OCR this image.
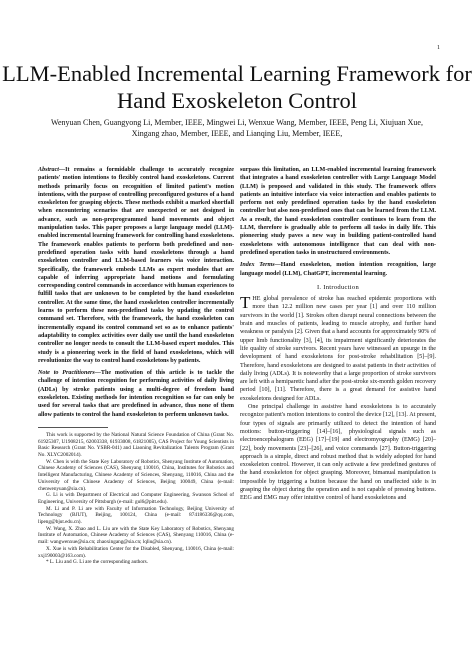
1
LLM-Enabled Incremental Learning Framework for Hand Exoskeleton Control
Wenyuan Chen, Guangyong Li, Member, IEEE, Mingwei Li, Wenxue Wang, Member, IEEE, Peng Li, Xiujuan Xue, Xingang zhao, Member, IEEE, and Lianqing Liu, Member, IEEE,
Abstract—It remains a formidable challenge to accurately recognize patients' motion intentions to flexibly control hand exoskeletons. Current methods primarily focus on recognition of limited patient's motion intentions, with the purpose of controlling preconfigured gestures of a hand exoskeleton for grasping objects. These methods exhibit a marked shortfall when encountering scenarios that are unexpected or not designed in advance, such as non-preprogrammed hand movements and object manipulation tasks. This paper proposes a large language model (LLM)-enabled incremental learning framework for controlling hand exoskeletons. The framework enables patients to perform both predefined and non-predefined operation tasks with hand exoskeletons through a hand exoskeleton controller and LLM-based learners via voice interaction. Specifically, the framework embeds LLMs as expert modules that are capable of inferring appropriate hand motions and formulating corresponding control commands in accordance with human experiences to fulfill tasks that are unknown to be completed by the hand exoskeleton controller. At the same time, the hand exoskeleton controller incrementally learns to perform these non-predefined tasks by updating the control command set. Therefore, with the framework, the hand exoskeleton can incrementally expand its control command set so as to enhance patients' adaptability to complex activities over daily use until the hand exoskeleton controller no longer needs to consult the LLM-based expert modules. This study is a pioneering work in the field of hand exoskeletons, which will revolutionize the way to control hand exoskeletons by patients.
Note to Practitioners—The motivation of this article is to tackle the challenge of intention recognition for performing activities of daily living (ADLs) by stroke patients using a multi-degree of freedom hand exoskeleton. Existing methods for intention recognition so far can only be used for several tasks that are predefined in advance, thus none of them allow patients to control the hand exoskeleton to perform unknown tasks.

This work is supported by the National Natural Science Foundation of China (Grant No. 61925307, U1908215, 62003338, 61933008, 61821005), CAS Project for Young Scientists in Basic Research (Grant No. YSBR-041) and Liaoning Revitalization Talents Program (Grant No. XLYC2002014).

W. Chen is with the State Key Laboratory of Robotics, Shenyang Institute of Automation, Chinese Academy of Sciences (CAS), Shenyang 110016, China, Institutes for Robotics and Intelligent Manufacturing, Chinese Academy of Sciences, Shenyang, 110016, China and the University of the Chinese Academy of Sciences, Beijing 100049, China (e-mail: chenwenyuan@sia.cn).

G. Li is with Department of Electrical and Computer Engineering, Swanson School of Engineering, University of Pittsburgh (e-mail: gul6@pitt.edu).

M. Li and P. Li are with Faculty of Information Technology, Beijing University of Technology (BJUT), Beijing, 100124, China (e-mail: 874186336@qq.com, lipeng@bjut.edu.cn).

W. Wang, X. Zhao and L. Liu are with the State Key Laboratory of Robotics, Shenyang Institute of Automation, Chinese Academy of Sciences (CAS), Shenyang 110016, China (e-mail: wangwenxue@sia.cn; zhaoxingang@sia.cn; lqliu@sia.cn).

X. Xue is with Rehabilitation Center for the Disabled, Shenyang, 110016, China (e-mail: xxj190003@163.com).

* L. Liu and G. Li are the corresponding authors.

surpass this limitation, an LLM-enabled incremental learning framework that integrates a hand exoskeleton controller with Large Language Model (LLM) is proposed and validated in this study. The framework offers patients an intuitive interface via voice interaction and enables patients to perform not only predefined operation tasks by the hand exoskeleton controller but also non-predefined ones that can be learned from the LLM. As a result, the hand exoskeleton controller continues to learn from the LLM, therefore is gradually able to perform all tasks in daily life. This pioneering study paves a new way in building patient-controlled hand exoskeletons with autonomous intelligence that can deal with non-predefined operation tasks in unstructured environments.
Index Terms—Hand exoskeleton, motion intention recognition, large language model (LLM), ChatGPT, incremental learning.
I. Introduction

THE global prevalence of stroke has reached epidemic proportions with more than 12.2 million new cases per year [1] and over 110 million survivors in the world [1]. Strokes often disrupt neural connections between the brain and muscles of patients, leading to muscle atrophy, and further hand weakness or paralysis [2]. Given that a hand accounts for approximately 90% of upper limb functionality [3], [4], its impairment significantly deteriorates the life quality of stroke survivors. Recent years have witnessed an upsurge in the development of hand exoskeletons for post-stroke rehabilitation [5]–[9]. Therefore, hand exoskeletons are designed to assist patients in their activities of daily living (ADLs). It is noteworthy that a large proportion of stroke survivors are left with a hemiparetic hand after the post-stroke six-month golden recovery period [10], [11]. Therefore, there is a great demand for assistive hand exoskeletons designed for ADLs.

One principal challenge in assistive hand exoskeletons is to accurately recognize patient's motion intentions to control the device [12], [13]. At present, four types of signals are primarily utilized to detect the intention of hand motions: button-triggering [14]–[16], physiological signals such as electroencephalogram (EEG) [17]–[19] and electromyography (EMG) [20]–[22], body movements [23]–[26], and voice commands [27]. Button-triggering approach is a simple, direct and robust method that is widely adopted for hand exoskeleton control. However, it can only activate a few predefined gestures of the hand exoskeleton for object grasping. Moreover, bimanual manipulation is impossible by triggering a button because the hand on unaffected side is in grasping the object during the operation and is not capable of pressing buttons. EEG and EMG may offer intuitive control of hand exoskeletons and
